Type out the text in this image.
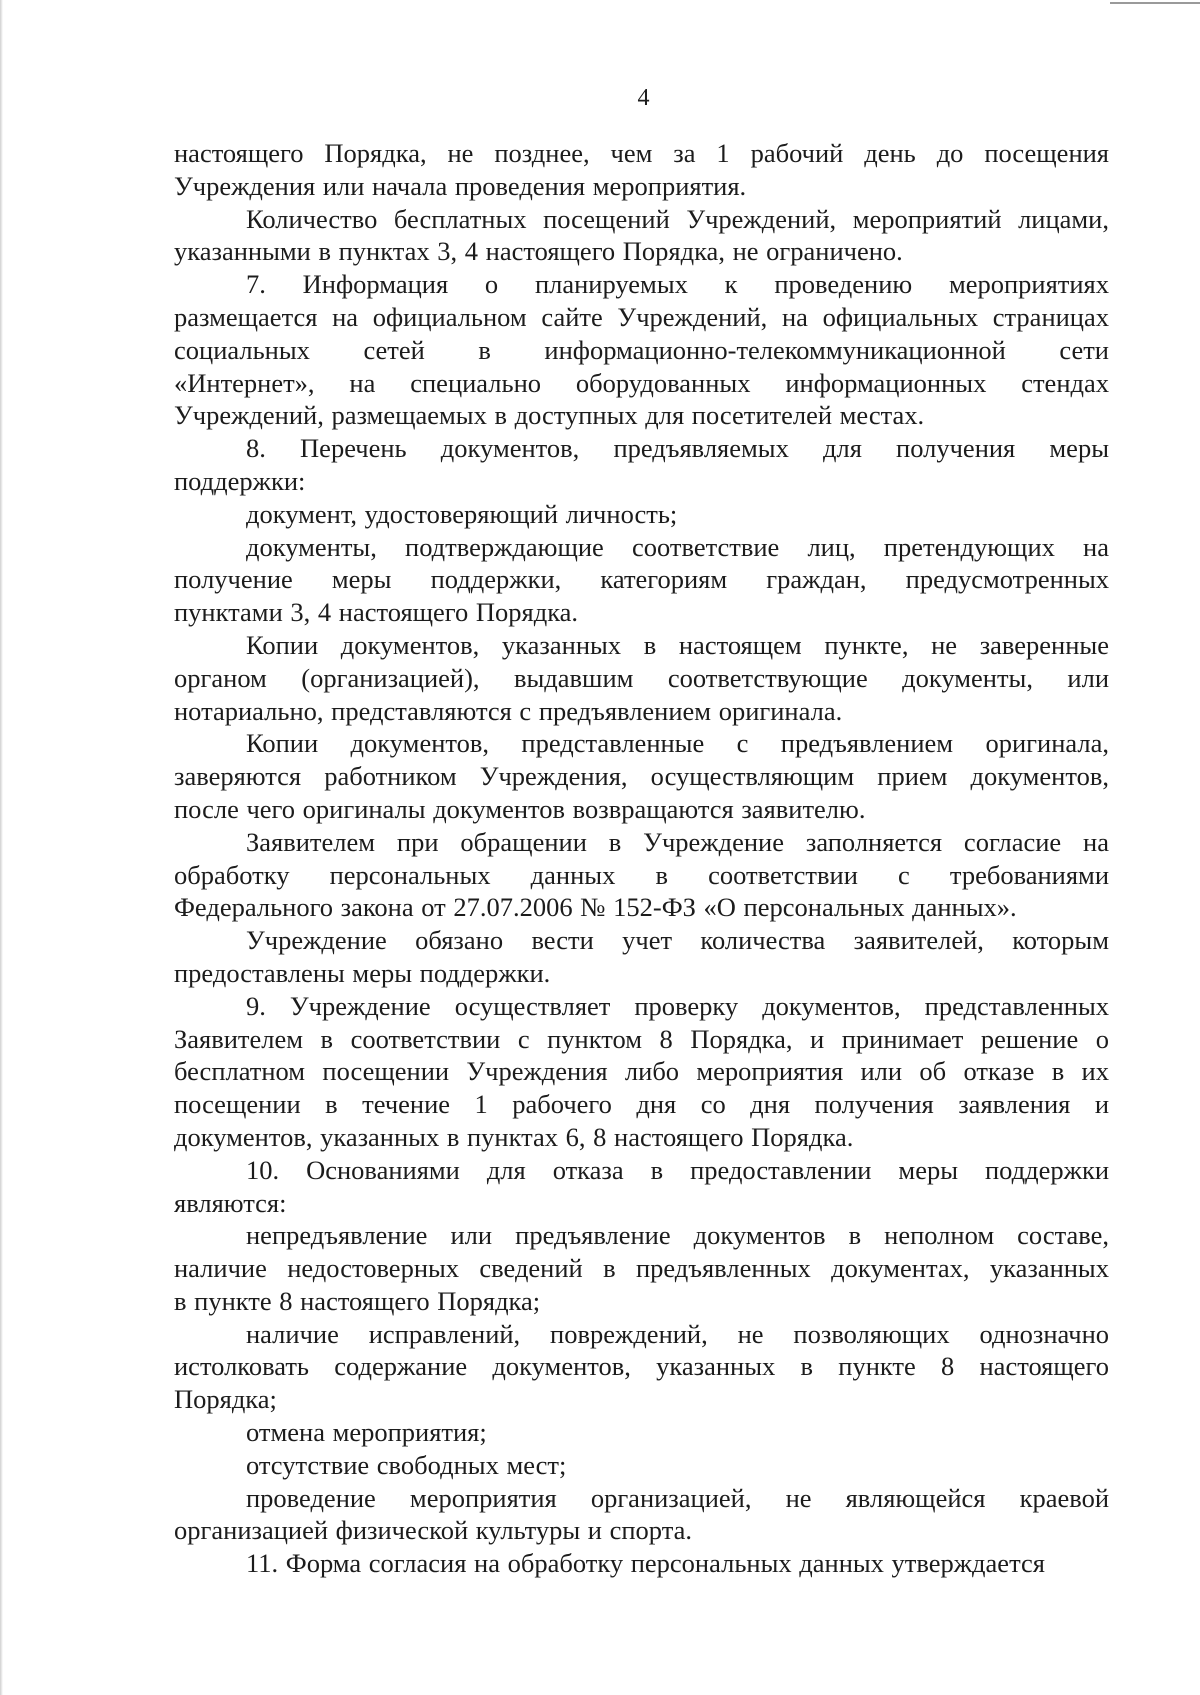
4
настоящего Порядка, не позднее, чем за 1 рабочий день до посещения
Учреждения или начала проведения мероприятия.
Количество бесплатных посещений Учреждений, мероприятий лицами,
указанными в пунктах 3, 4 настоящего Порядка, не ограничено.
7. Информация о планируемых к проведению мероприятиях
размещается на официальном сайте Учреждений, на официальных страницах
социальных сетей в информационно-телекоммуникационной сети
«Интернет», на специально оборудованных информационных стендах
Учреждений, размещаемых в доступных для посетителей местах.
8. Перечень документов, предъявляемых для получения меры
поддержки:
документ, удостоверяющий личность;
документы, подтверждающие соответствие лиц, претендующих на
получение меры поддержки, категориям граждан, предусмотренных
пунктами 3, 4 настоящего Порядка.
Копии документов, указанных в настоящем пункте, не заверенные
органом (организацией), выдавшим соответствующие документы, или
нотариально, представляются с предъявлением оригинала.
Копии документов, представленные с предъявлением оригинала,
заверяются работником Учреждения, осуществляющим прием документов,
после чего оригиналы документов возвращаются заявителю.
Заявителем при обращении в Учреждение заполняется согласие на
обработку персональных данных в соответствии с требованиями
Федерального закона от 27.07.2006 № 152-ФЗ «О персональных данных».
Учреждение обязано вести учет количества заявителей, которым
предоставлены меры поддержки.
9. Учреждение осуществляет проверку документов, представленных
Заявителем в соответствии с пунктом 8 Порядка, и принимает решение о
бесплатном посещении Учреждения либо мероприятия или об отказе в их
посещении в течение 1 рабочего дня со дня получения заявления и
документов, указанных в пунктах 6, 8 настоящего Порядка.
10. Основаниями для отказа в предоставлении меры поддержки
являются:
непредъявление или предъявление документов в неполном составе,
наличие недостоверных сведений в предъявленных документах, указанных
в пункте 8 настоящего Порядка;
наличие исправлений, повреждений, не позволяющих однозначно
истолковать содержание документов, указанных в пункте 8 настоящего
Порядка;
отмена мероприятия;
отсутствие свободных мест;
проведение мероприятия организацией, не являющейся краевой
организацией физической культуры и спорта.
11. Форма согласия на обработку персональных данных утверждается
